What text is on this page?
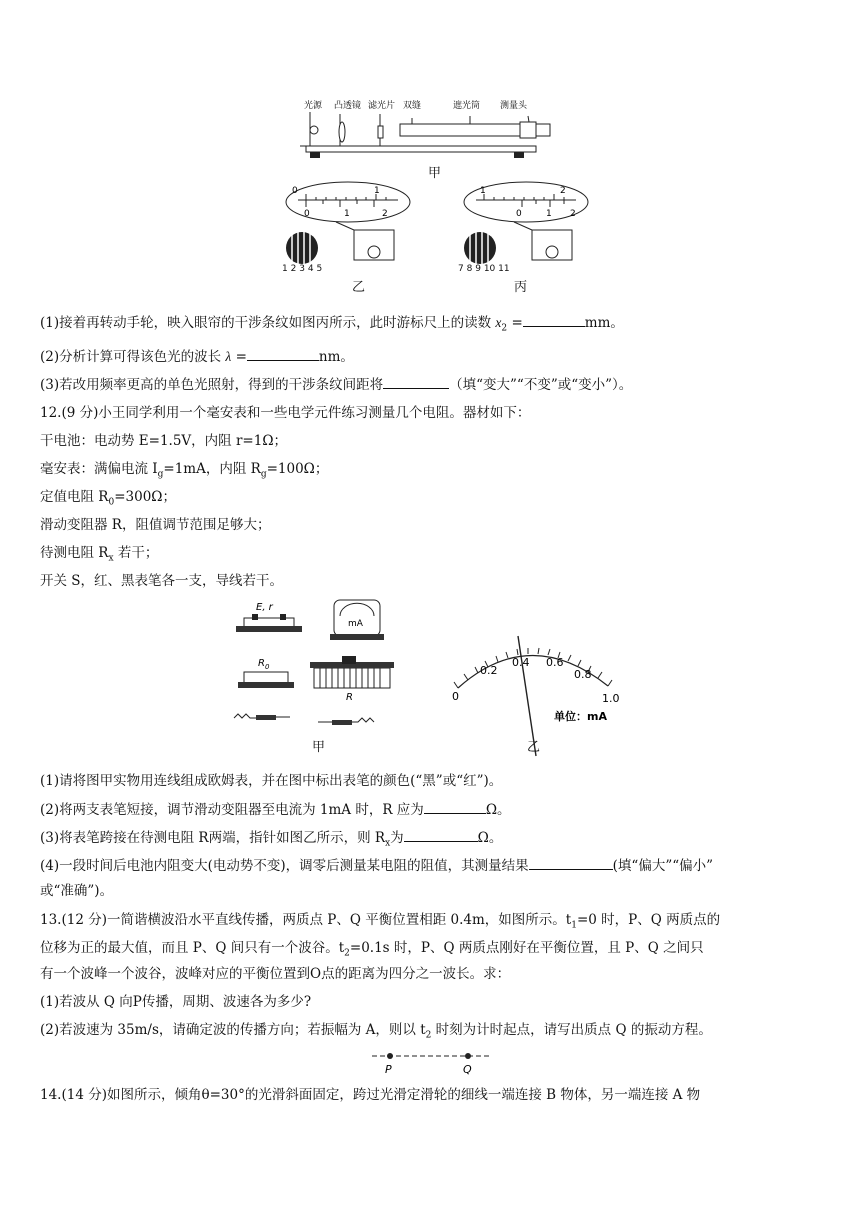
光源 凸透镜 滤光片 双缝	遮光筒 测量头
甲
0	1
0	1	2
1 2 3 4 5
乙
1	2
0	1 2
7 8 9 10 11
丙
(1)接着再转动手轮，映入眼帘的干涉条纹如图丙所示，此时游标尺上的读数 $x_2$ =	mm。
(2)分析计算可得该色光的波长 λ =	nm。
(3)若改用频率更高的单色光照射，得到的干涉条纹间距将	（填“变大”“不变”或“变小”）。
12.(9 分)小王同学利用一个毫安表和一些电学元件练习测量几个电阻。器材如下：
干电池：电动势 E=1.5V，内阻 r=1Ω；
毫安表：满偏电流 $I_g=1mA$，内阻 $R_g=100\Omega$；
定值电阻 $R_0=300\Omega$；
滑动变阻器 R，阻值调节范围足够大；
待测电阻 $R_x$ 若干；
开关 S，红、黑表笔各一支，导线若干。
E, r
mA
$R_0$
R
甲
0
0.2
0.4 0.6
0.8
1.0
单位：mA
乙
(1)请将图甲实物用连线组成欧姆表，并在图中标出表笔的颜色(“黑”或“红”)。
(2)将两支表笔短接，调节滑动变阻器至电流为 1mA 时，R 应为	Ω。
(3)将表笔跨接在待测电阻 R两端，指针如图乙所示，则 $R_x$为	Ω。
(4)一段时间后电池内阻变大(电动势不变)，调零后测量某电阻的阻值，其测量结果	(填“偏大”“偏小”
或“准确”)。
13.(12 分)一简谐横波沿水平直线传播，两质点 P、Q 平衡位置相距 0.4m，如图所示。$t_1=0$ 时，P、Q 两质点的
位移为正的最大值，而且 P、Q 间只有一个波谷。$t_2=0.1s$ 时，P、Q 两质点刚好在平衡位置，且 P、Q 之间只
有一个波峰一个波谷，波峰对应的平衡位置到O点的距离为四分之一波长。求：
(1)若波从 Q 向P传播，周期、波速各为多少?
(2)若波速为 35m/s，请确定波的传播方向；若振幅为 A，则以 $t_2$ 时刻为计时起点，请写出质点 Q 的振动方程。
P	Q
14.(14 分)如图所示，倾角θ=30°的光滑斜面固定，跨过光滑定滑轮的细线一端连接 B 物体，另一端连接 A 物
